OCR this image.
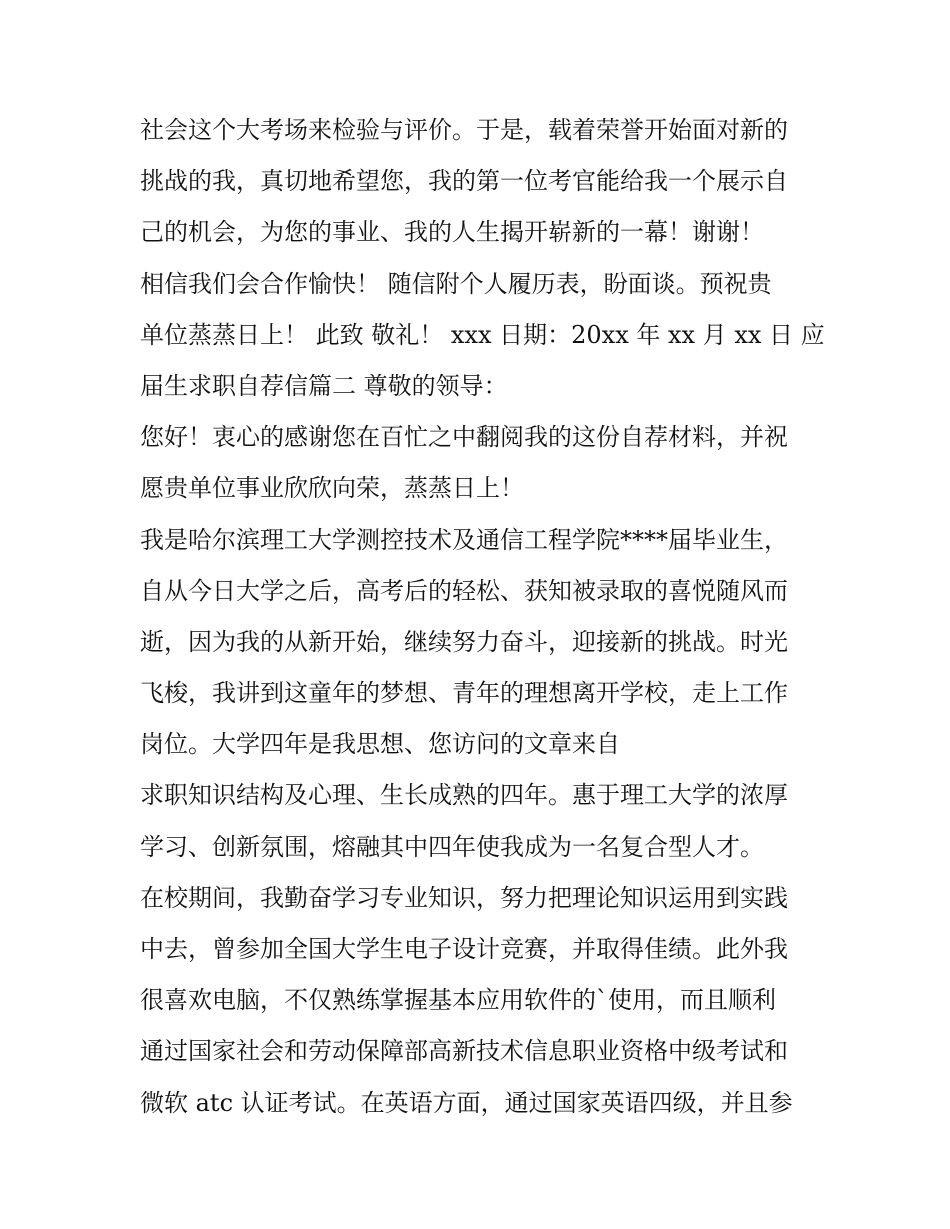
社会这个大考场来检验与评价。于是，载着荣誉开始面对新的
挑战的我，真切地希望您，我的第一位考官能给我一个展示自
己的机会，为您的事业、我的人生揭开崭新的一幕！谢谢！
相信我们会合作愉快！ 随信附个人履历表，盼面谈。预祝贵
单位蒸蒸日上！ 此致 敬礼！ xxx 日期：20xx 年 xx 月 xx 日 应
届生求职自荐信篇二 尊敬的领导：
您好！衷心的感谢您在百忙之中翻阅我的这份自荐材料，并祝
愿贵单位事业欣欣向荣，蒸蒸日上！
我是哈尔滨理工大学测控技术及通信工程学院****届毕业生，
自从今日大学之后，高考后的轻松、获知被录取的喜悦随风而
逝，因为我的从新开始，继续努力奋斗，迎接新的挑战。时光
飞梭，我讲到这童年的梦想、青年的理想离开学校，走上工作
岗位。大学四年是我思想、您访问的文章来自
求职知识结构及心理、生长成熟的四年。惠于理工大学的浓厚
学习、创新氛围，熔融其中四年使我成为一名复合型人才。
在校期间，我勤奋学习专业知识，努力把理论知识运用到实践
中去，曾参加全国大学生电子设计竞赛，并取得佳绩。此外我
很喜欢电脑，不仅熟练掌握基本应用软件的`使用，而且顺利
通过国家社会和劳动保障部高新技术信息职业资格中级考试和
微软 atc 认证考试。在英语方面，通过国家英语四级，并且参
